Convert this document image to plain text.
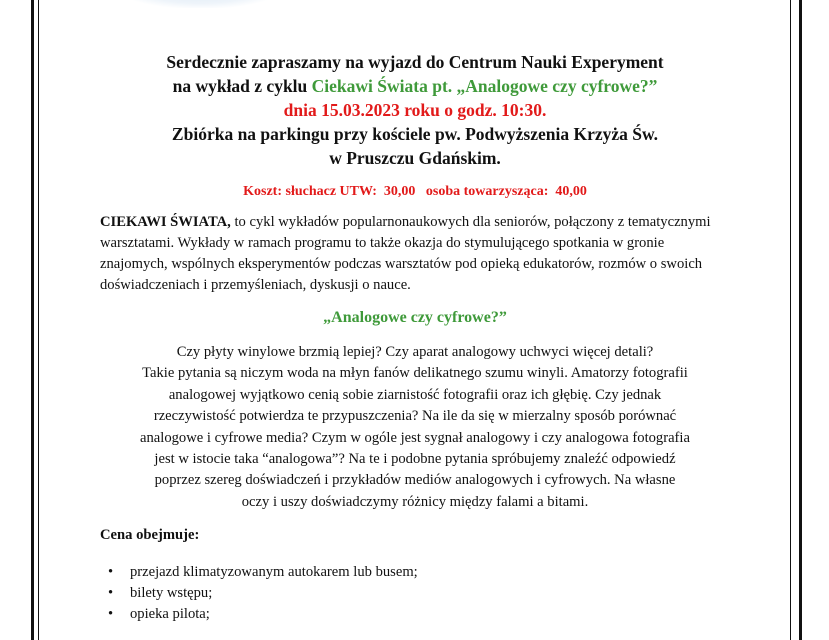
Serdecznie zapraszamy na wyjazd do Centrum Nauki Experyment
na wykład z cyklu Ciekawi Świata pt. „Analogowe czy cyfrowe?”
dnia 15.03.2023 roku o godz. 10:30.
Zbiórka na parkingu przy kościele pw. Podwyższenia Krzyża Św.
w Pruszczu Gdańskim.
Koszt: słuchacz UTW:  30,00   osoba towarzysząca:  40,00
CIEKAWI ŚWIATA, to cykl wykładów popularnonaukowych dla seniorów, połączony z tematycznymi warsztatami. Wykłady w ramach programu to także okazja do stymulującego spotkania w gronie znajomych, wspólnych eksperymentów podczas warsztatów pod opieką edukatorów, rozmów o swoich doświadczeniach i przemyśleniach, dyskusji o nauce.
„Analogowe czy cyfrowe?”
Czy płyty winylowe brzmią lepiej? Czy aparat analogowy uchwyci więcej detali?
Takie pytania są niczym woda na młyn fanów delikatnego szumu winyli. Amatorzy fotografii
analogowej wyjątkowo cenią sobie ziarnistość fotografii oraz ich głębię. Czy jednak
rzeczywistość potwierdza te przypuszczenia? Na ile da się w mierzalny sposób porównać
analogowe i cyfrowe media? Czym w ogóle jest sygnał analogowy i czy analogowa fotografia
jest w istocie taka “analogowa”? Na te i podobne pytania spróbujemy znaleźć odpowiedź
poprzez szereg doświadczeń i przykładów mediów analogowych i cyfrowych. Na własne
oczy i uszy doświadczymy różnicy między falami a bitami.
Cena obejmuje:
• przejazd klimatyzowanym autokarem lub busem;
• bilety wstępu;
• opieka pilota;
